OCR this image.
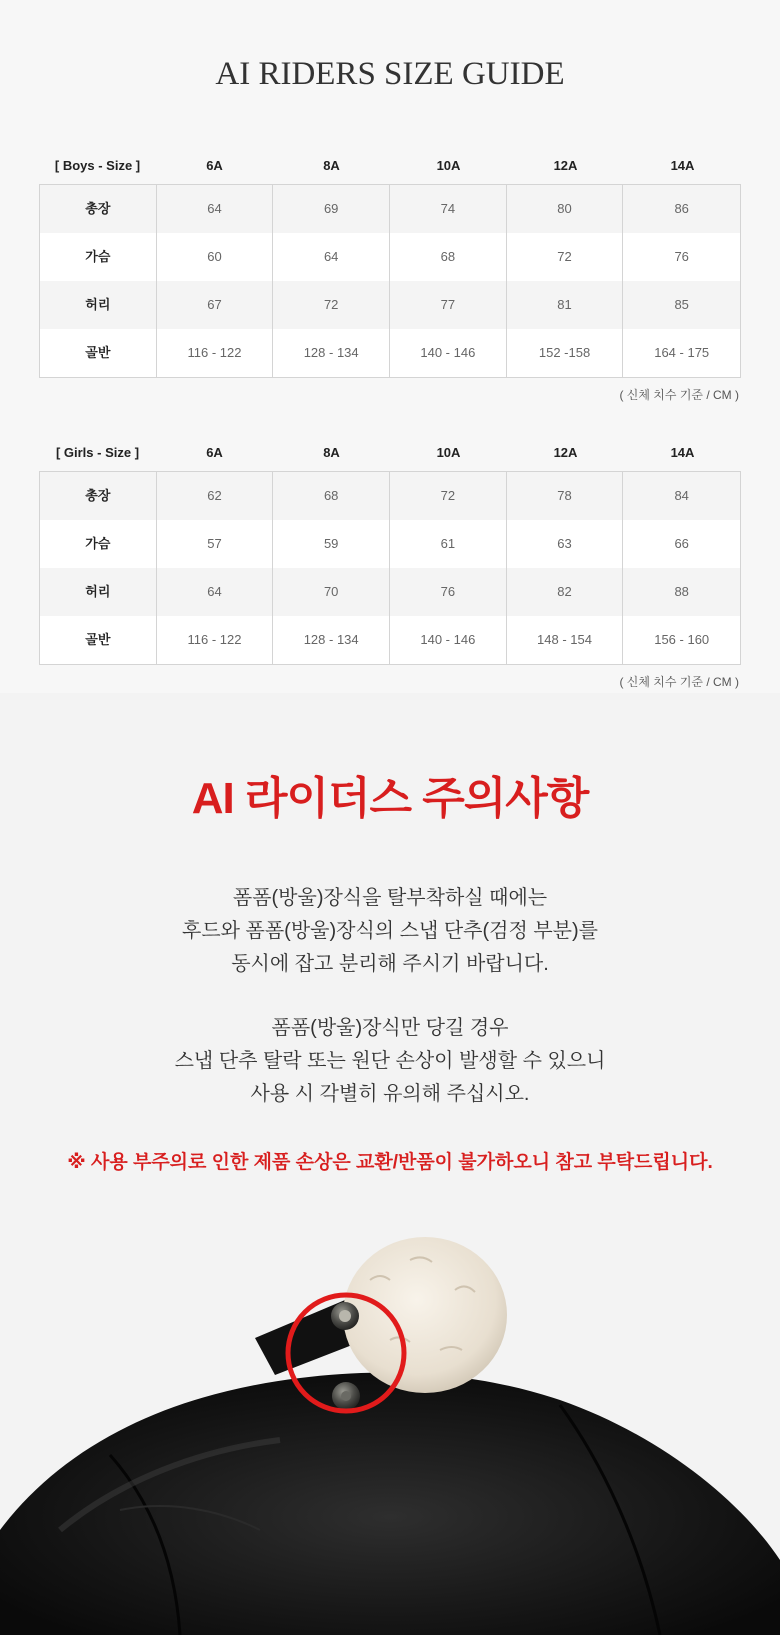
AI RIDERS SIZE GUIDE
[ Boys - Size ]	6A	8A	10A	12A	14A
총장	64	69	74	80	86
가슴	60	64	68	72	76
허리	67	72	77	81	85
골반	116 - 122	128 - 134	140 - 146	152 -158	164 - 175
( 신체 치수 기준 / CM )
[ Girls - Size ]	6A	8A	10A	12A	14A
총장	62	68	72	78	84
가슴	57	59	61	63	66
허리	64	70	76	82	88
골반	116 - 122	128 - 134	140 - 146	148 - 154	156 - 160
( 신체 치수 기준 / CM )
AI 라이더스 주의사항
폼폼(방울)장식을 탈부착하실 때에는
후드와 폼폼(방울)장식의 스냅 단추(검정 부분)를
동시에 잡고 분리해 주시기 바랍니다.
폼폼(방울)장식만 당길 경우
스냅 단추 탈락 또는 원단 손상이 발생할 수 있으니
사용 시 각별히 유의해 주십시오.
※ 사용 부주의로 인한 제품 손상은 교환/반품이 불가하오니 참고 부탁드립니다.
